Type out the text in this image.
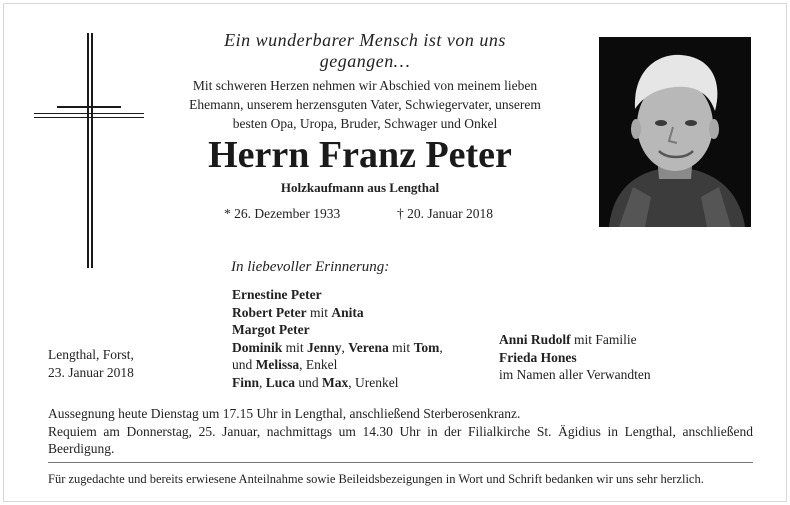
Ein wunderbarer Mensch ist von uns gegangen…
Mit schweren Herzen nehmen wir Abschied von meinem lieben
Ehemann, unserem herzensguten Vater, Schwiegervater, unserem
besten Opa, Uropa, Bruder, Schwager und Onkel
Herrn Franz Peter
Holzkaufmann aus Lengthal
* 26. Dezember 1933	† 20. Januar 2018
In liebevoller Erinnerung:
Ernestine Peter
Robert Peter mit Anita
Margot Peter
Dominik mit Jenny, Verena mit Tom,
und Melissa, Enkel
Finn, Luca und Max, Urenkel
Anni Rudolf mit Familie
Frieda Hones
im Namen aller Verwandten
Lengthal, Forst,
23. Januar 2018
Aussegnung heute Dienstag um 17.15 Uhr in Lengthal, anschließend Sterberosenkranz.
Requiem am Donnerstag, 25. Januar, nachmittags um 14.30 Uhr in der Filialkirche St. Ägidius in Lengthal, anschließend Beerdigung.
Für zugedachte und bereits erwiesene Anteilnahme sowie Beileidsbezeigungen in Wort und Schrift bedanken wir uns sehr herzlich.
